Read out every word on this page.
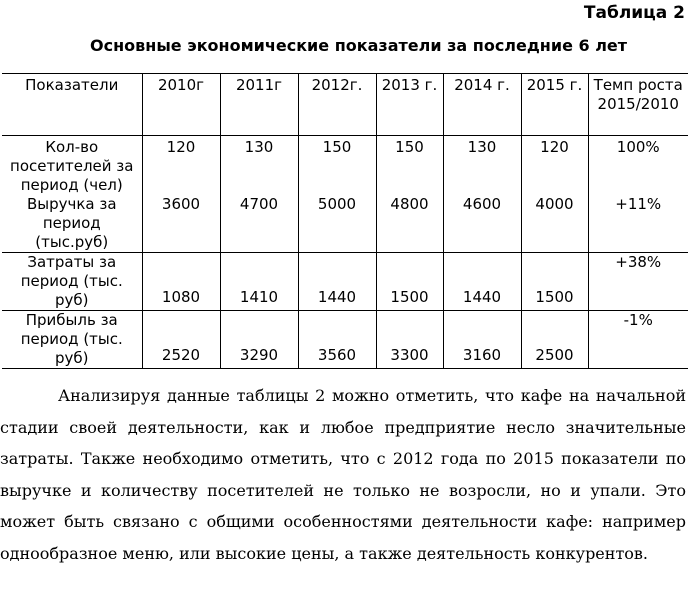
Таблица 2

Основные экономические показатели за последние 6 лет

Показатели	2010г	2011г	2012г.	2013 г.	2014 г.	2015 г.	Темп роста 2015/2010
Кол-во посетителей за период (чел)	120	130	150	150	130	120	100%
Выручка за период (тыс.руб)	3600	4700	5000	4800	4600	4000	+11%
Затраты за период (тыс. руб)	1080	1410	1440	1500	1440	1500	+38%
Прибыль за период (тыс. руб)	2520	3290	3560	3300	3160	2500	-1%

Анализируя данные таблицы 2 можно отметить, что кафе на начальной стадии своей деятельности, как и любое предприятие несло значительные затраты. Также необходимо отметить, что с 2012 года по 2015 показатели по выручке и количеству посетителей не только не возросли, но и упали. Это может быть связано с общими особенностями деятельности кафе: например однообразное меню, или высокие цены, а также деятельность конкурентов.
